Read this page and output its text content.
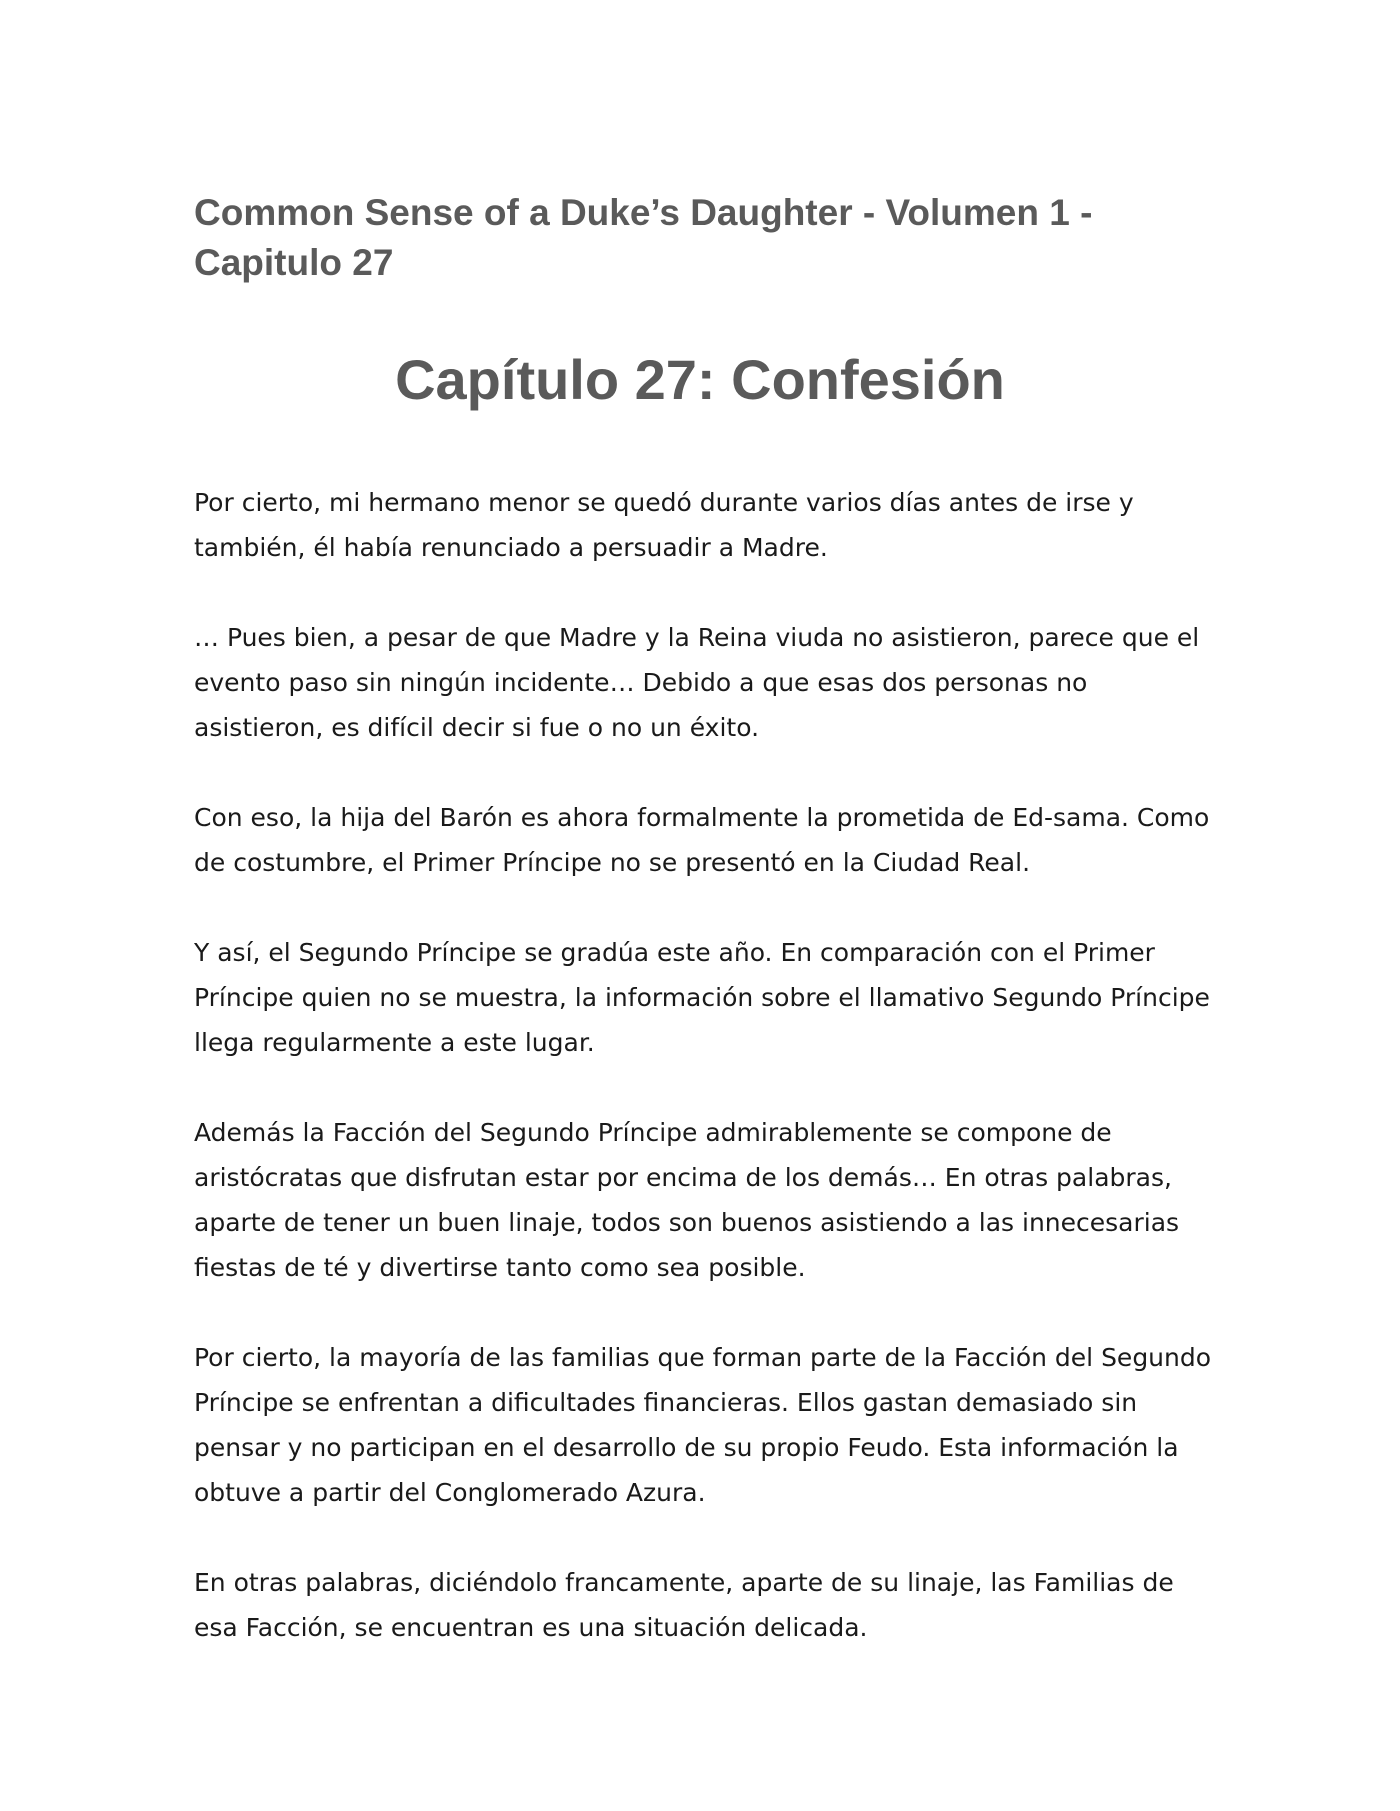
Common Sense of a Duke’s Daughter - Volumen 1 - Capitulo 27
Capítulo 27: Confesión

Por cierto, mi hermano menor se quedó durante varios días antes de irse y también, él había renunciado a persuadir a Madre.

… Pues bien, a pesar de que Madre y la Reina viuda no asistieron, parece que el evento paso sin ningún incidente… Debido a que esas dos personas no asistieron, es difícil decir si fue o no un éxito.

Con eso, la hija del Barón es ahora formalmente la prometida de Ed-sama. Como de costumbre, el Primer Príncipe no se presentó en la Ciudad Real.

Y así, el Segundo Príncipe se gradúa este año. En comparación con el Primer Príncipe quien no se muestra, la información sobre el llamativo Segundo Príncipe llega regularmente a este lugar.

Además la Facción del Segundo Príncipe admirablemente se compone de aristócratas que disfrutan estar por encima de los demás… En otras palabras, aparte de tener un buen linaje, todos son buenos asistiendo a las innecesarias fiestas de té y divertirse tanto como sea posible.

Por cierto, la mayoría de las familias que forman parte de la Facción del Segundo Príncipe se enfrentan a dificultades financieras. Ellos gastan demasiado sin pensar y no participan en el desarrollo de su propio Feudo. Esta información la obtuve a partir del Conglomerado Azura.

En otras palabras, diciéndolo francamente, aparte de su linaje, las Familias de esa Facción, se encuentran es una situación delicada.
